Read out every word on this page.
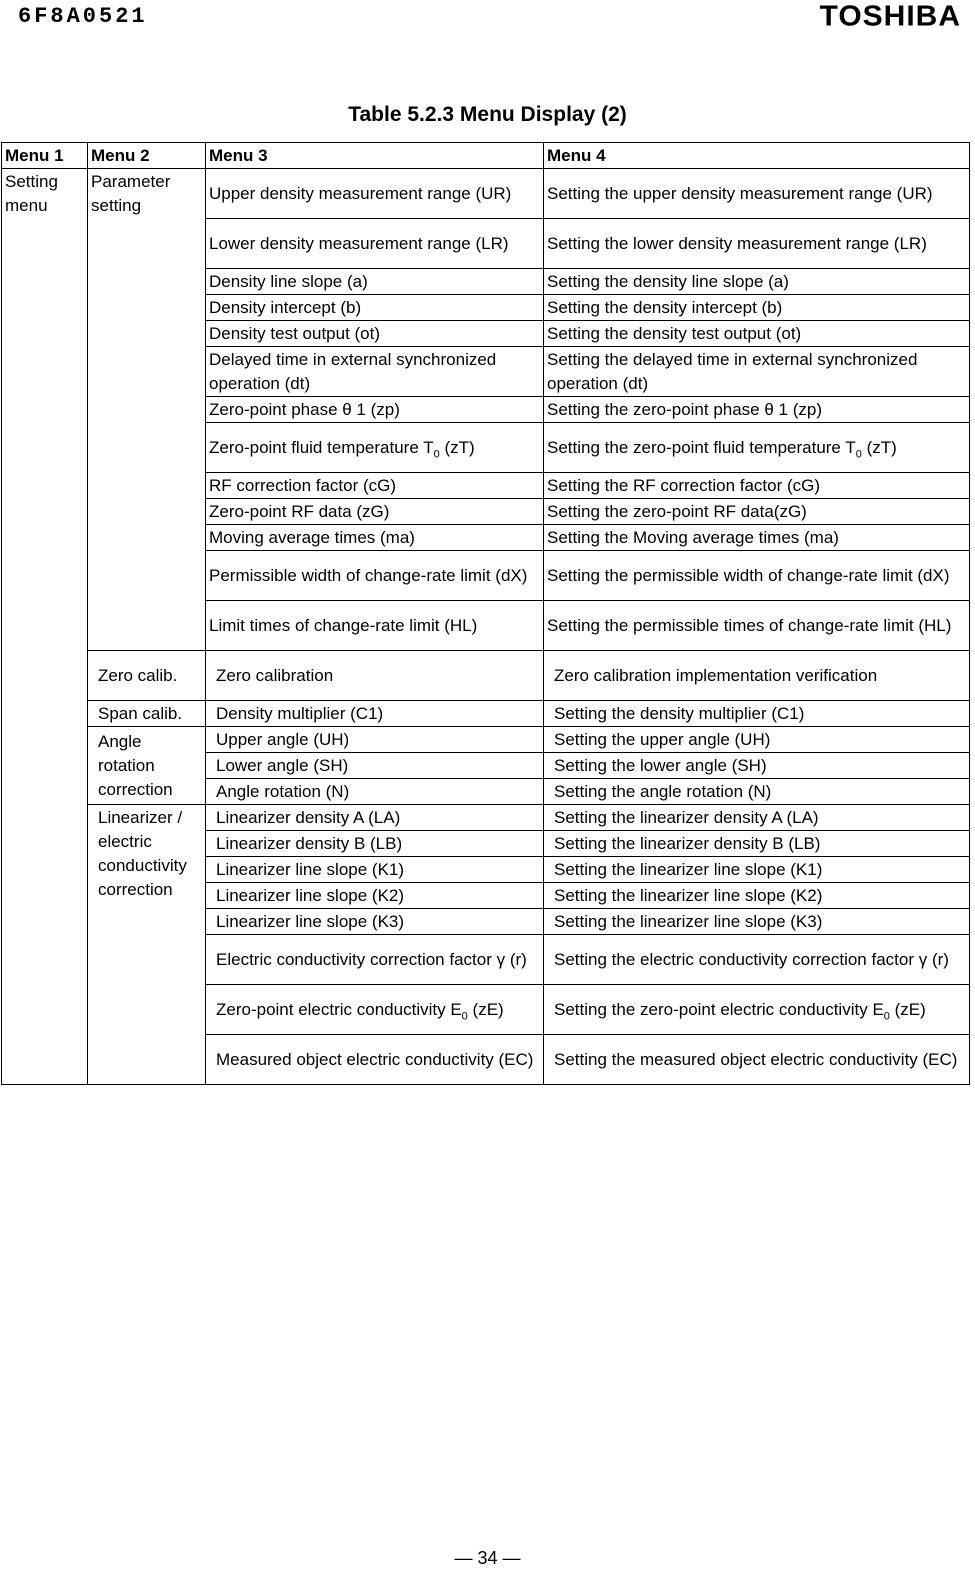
6F8A0521	TOSHIBA
Table 5.2.3 Menu Display (2)
Menu 1	Menu 2	Menu 3	Menu 4
Setting menu	Parameter setting	Upper density measurement range (UR)	Setting the upper density measurement range (UR)
		Lower density measurement range (LR)	Setting the lower density measurement range (LR)
		Density line slope (a)	Setting the density line slope (a)
		Density intercept (b)	Setting the density intercept (b)
		Density test output (ot)	Setting the density test output (ot)
		Delayed time in external synchronized operation (dt)	Setting the delayed time in external synchronized operation (dt)
		Zero-point phase θ 1 (zp)	Setting the zero-point phase θ 1 (zp)
		Zero-point fluid temperature $T_0$ (zT)	Setting the zero-point fluid temperature $T_0$ (zT)
		RF correction factor (cG)	Setting the RF correction factor (cG)
		Zero-point RF data (zG)	Setting the zero-point RF data(zG)
		Moving average times (ma)	Setting the Moving average times (ma)
		Permissible width of change-rate limit (dX)	Setting the permissible width of change-rate limit (dX)
		Limit times of change-rate limit (HL)	Setting the permissible times of change-rate limit (HL)
	Zero calib.	Zero calibration	Zero calibration implementation verification
	Span calib.	Density multiplier (C1)	Setting the density multiplier (C1)
	Angle rotation correction	Upper angle (UH)	Setting the upper angle (UH)
		Lower angle (SH)	Setting the lower angle (SH)
		Angle rotation (N)	Setting the angle rotation (N)
	Linearizer / electric conductivity correction	Linearizer density A (LA)	Setting the linearizer density A (LA)
		Linearizer density B (LB)	Setting the linearizer density B (LB)
		Linearizer line slope (K1)	Setting the linearizer line slope (K1)
		Linearizer line slope (K2)	Setting the linearizer line slope (K2)
		Linearizer line slope (K3)	Setting the linearizer line slope (K3)
		Electric conductivity correction factor γ (r)	Setting the electric conductivity correction factor γ (r)
		Zero-point electric conductivity $E_0$ (zE)	Setting the zero-point electric conductivity $E_0$ (zE)
		Measured object electric conductivity (EC)	Setting the measured object electric conductivity (EC)
— 34 —
